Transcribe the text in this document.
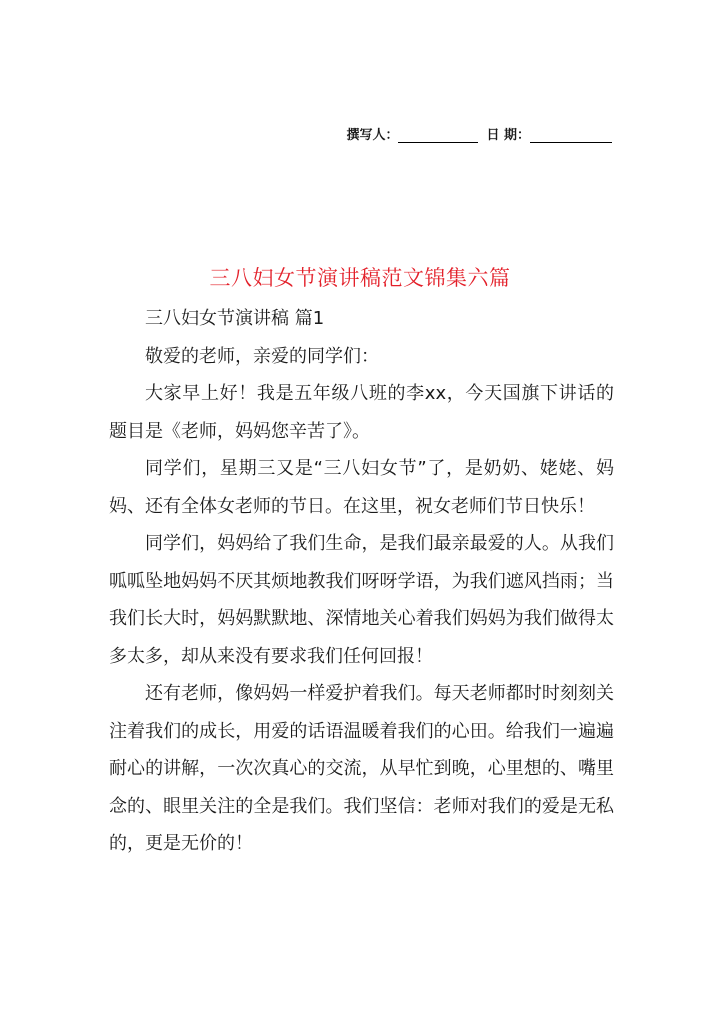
撰写人：	日 期：
三八妇女节演讲稿范文锦集六篇

三八妇女节演讲稿 篇1

敬爱的老师，亲爱的同学们：

大家早上好！我是五年级八班的李xx，今天国旗下讲话的题目是《老师，妈妈您辛苦了》。

同学们，星期三又是“三八妇女节”了，是奶奶、姥姥、妈妈、还有全体女老师的节日。在这里，祝女老师们节日快乐！

同学们，妈妈给了我们生命，是我们最亲最爱的人。从我们呱呱坠地妈妈不厌其烦地教我们呀呀学语，为我们遮风挡雨；当我们长大时，妈妈默默地、深情地关心着我们妈妈为我们做得太多太多，却从来没有要求我们任何回报！

还有老师，像妈妈一样爱护着我们。每天老师都时时刻刻关注着我们的成长，用爱的话语温暖着我们的心田。给我们一遍遍耐心的讲解，一次次真心的交流，从早忙到晚，心里想的、嘴里念的、眼里关注的全是我们。我们坚信：老师对我们的爱是无私的，更是无价的！
